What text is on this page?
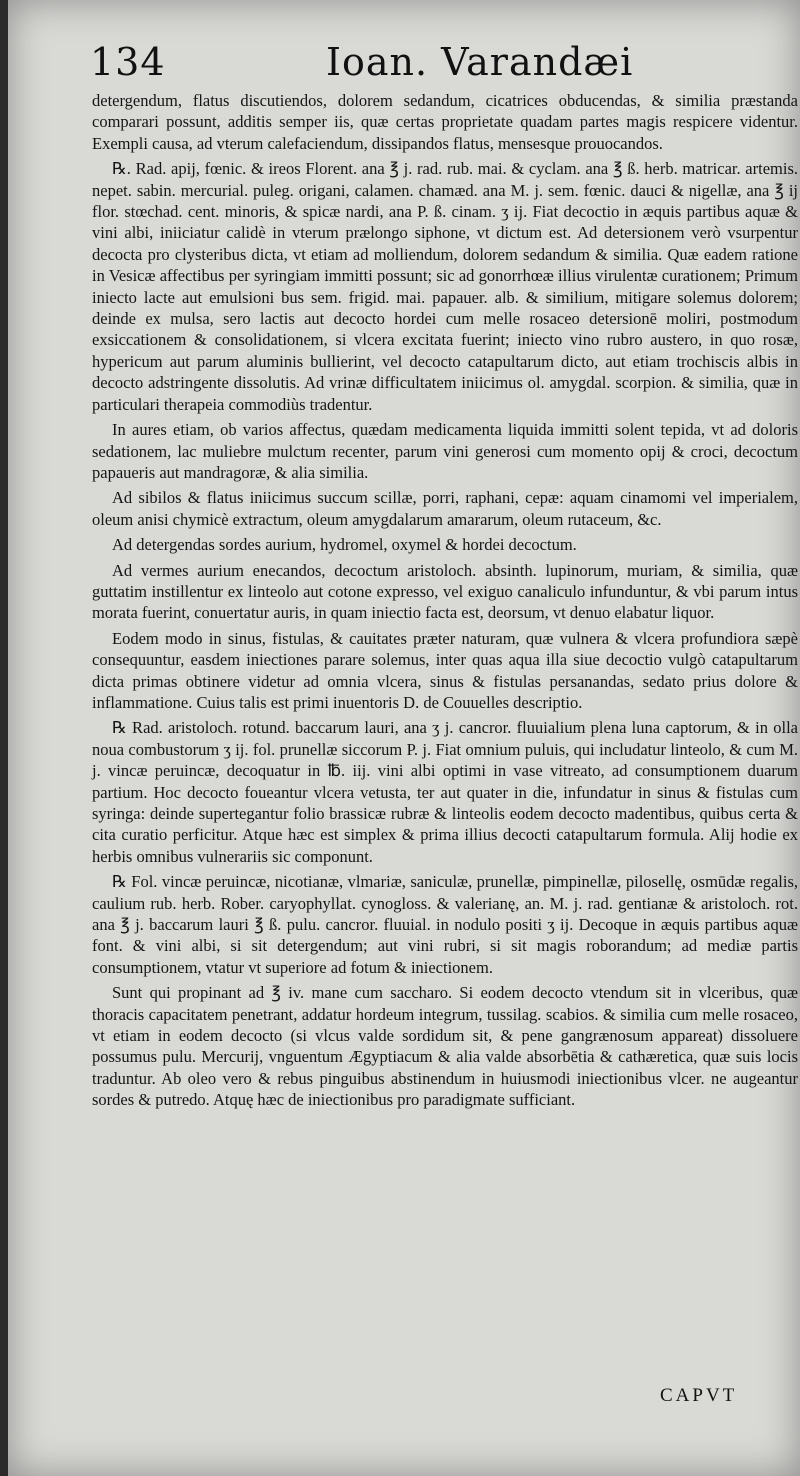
134	Ioan. Varandæi

detergendum, flatus discutiendos, dolorem sedandum, cicatrices obducendas, & similia præstanda comparari possunt, additis semper iis, quæ certas proprietate quadam partes magis respicere videntur. Exempli causa, ad vterum calefaciendum, dissipandos flatus, mensesque prouocandos.

℞. Rad. apij, fœnic. & ireos Florent. ana ℥ j. rad. rub. mai. & cyclam. ana ℥ ß. herb. matricar. artemis. nepet. sabin. mercurial. puleg. origani, calamen. chamæd. ana M. j. sem. fœnic. dauci & nigellæ, ana ℥ ij flor. stœchad. cent. minoris, & spicæ nardi, ana P. ß. cinam. ʒ ij. Fiat decoctio in æquis partibus aquæ & vini albi, iniiciatur calidè in vterum prælongo siphone, vt dictum est. Ad detersionem verò vsurpentur decocta pro clysteribus dicta, vt etiam ad molliendum, dolorem sedandum & similia. Quæ eadem ratione in Vesicæ affectibus per syringiam immitti possunt; sic ad gonorrhœæ illius virulentæ curationem; Primum iniecto lacte aut emulsioni bus sem. frigid. mai. papauer. alb. & similium, mitigare solemus dolorem; deinde ex mulsa, sero lactis aut decocto hordei cum melle rosaceo detersionē moliri, postmodum exsiccationem & consolidationem, si vlcera excitata fuerint; iniecto vino rubro austero, in quo rosæ, hypericum aut parum aluminis bullierint, vel decocto catapultarum dicto, aut etiam trochiscis albis in decocto adstringente dissolutis. Ad vrinæ difficultatem iniicimus ol. amygdal. scorpion. & similia, quæ in particulari therapeia commodiùs tradentur.

In aures etiam, ob varios affectus, quædam medicamenta liquida immitti solent tepida, vt ad doloris sedationem, lac muliebre mulctum recenter, parum vini generosi cum momento opij & croci, decoctum papaueris aut mandragoræ, & alia similia.

Ad sibilos & flatus iniicimus succum scillæ, porri, raphani, cepæ: aquam cinamomi vel imperialem, oleum anisi chymicè extractum, oleum amygdalarum amararum, oleum rutaceum, &c.

Ad detergendas sordes aurium, hydromel, oxymel & hordei decoctum.

Ad vermes aurium enecandos, decoctum aristoloch. absinth. lupinorum, muriam, & similia, quæ guttatim instillentur ex linteolo aut cotone expresso, vel exiguo canaliculo infunduntur, & vbi parum intus morata fuerint, conuertatur auris, in quam iniectio facta est, deorsum, vt denuo elabatur liquor.

Eodem modo in sinus, fistulas, & cauitates præter naturam, quæ vulnera & vlcera profundiora sæpè consequuntur, easdem iniectiones parare solemus, inter quas aqua illa siue decoctio vulgò catapultarum dicta primas obtinere videtur ad omnia vlcera, sinus & fistulas persanandas, sedato prius dolore & inflammatione. Cuius talis est primi inuentoris D. de Couuelles descriptio.

℞ Rad. aristoloch. rotund. baccarum lauri, ana ʒ j. cancror. fluuialium plena luna captorum, & in olla noua combustorum ʒ ij. fol. prunellæ siccorum P. j. Fiat omnium puluis, qui includatur linteolo, & cum M. j. vincæ peruincæ, decoquatur in ℔. iij. vini albi optimi in vase vitreato, ad consumptionem duarum partium. Hoc decocto foueantur vlcera vetusta, ter aut quater in die, infundatur in sinus & fistulas cum syringa: deinde supertegantur folio brassicæ rubræ & linteolis eodem decocto madentibus, quibus certa & cita curatio perficitur. Atque hæc est simplex & prima illius decocti catapultarum formula. Alij hodie ex herbis omnibus vulnerariis sic componunt.

℞ Fol. vincæ peruincæ, nicotianæ, vlmariæ, saniculæ, prunellæ, pimpinellæ, pilosellę, osmūdæ regalis, caulium rub. herb. Rober. caryophyllat. cynogloss. & valerianę, an. M. j. rad. gentianæ & aristoloch. rot. ana ℥ j. baccarum lauri ℥ ß. pulu. cancror. fluuial. in nodulo positi ʒ ij. Decoque in æquis partibus aquæ font. & vini albi, si sit detergendum; aut vini rubri, si sit magis roborandum; ad mediæ partis consumptionem, vtatur vt superiore ad fotum & iniectionem.

Sunt qui propinant ad ℥ iv. mane cum saccharo. Si eodem decocto vtendum sit in vlceribus, quæ thoracis capacitatem penetrant, addatur hordeum integrum, tussilag. scabios. & similia cum melle rosaceo, vt etiam in eodem decocto (si vlcus valde sordidum sit, & pene gangrænosum appareat) dissoluere possumus pulu. Mercurij, vnguentum Ægyptiacum & alia valde absorbētia & cathæretica, quæ suis locis traduntur. Ab oleo vero & rebus pinguibus abstinendum in huiusmodi iniectionibus vlcer. ne augeantur sordes & putredo. Atquę hæc de iniectionibus pro paradigmate sufficiant.

CAPVT
